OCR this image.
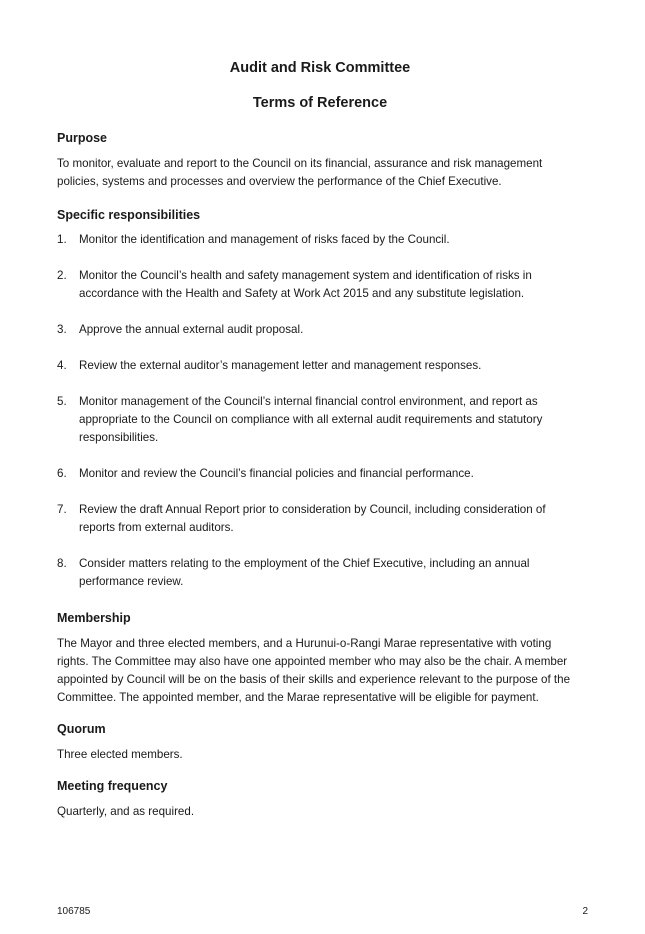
Audit and Risk Committee
Terms of Reference
Purpose

To monitor, evaluate and report to the Council on its financial, assurance and risk management policies, systems and processes and overview the performance of the Chief Executive.

Specific responsibilities
1.	Monitor the identification and management of risks faced by the Council.
2.	Monitor the Council’s health and safety management system and identification of risks in accordance with the Health and Safety at Work Act 2015 and any substitute legislation.
3.	Approve the annual external audit proposal.
4.	Review the external auditor’s management letter and management responses.
5.	Monitor management of the Council’s internal financial control environment, and report as appropriate to the Council on compliance with all external audit requirements and statutory responsibilities.
6.	Monitor and review the Council’s financial policies and financial performance.
7.	Review the draft Annual Report prior to consideration by Council, including consideration of reports from external auditors.
8.	Consider matters relating to the employment of the Chief Executive, including an annual performance review.
Membership

The Mayor and three elected members, and a Hurunui-o-Rangi Marae representative with voting rights. The Committee may also have one appointed member who may also be the chair. A member appointed by Council will be on the basis of their skills and experience relevant to the purpose of the Committee. The appointed member, and the Marae representative will be eligible for payment.

Quorum

Three elected members.

Meeting frequency

Quarterly, and as required.

106785	2
